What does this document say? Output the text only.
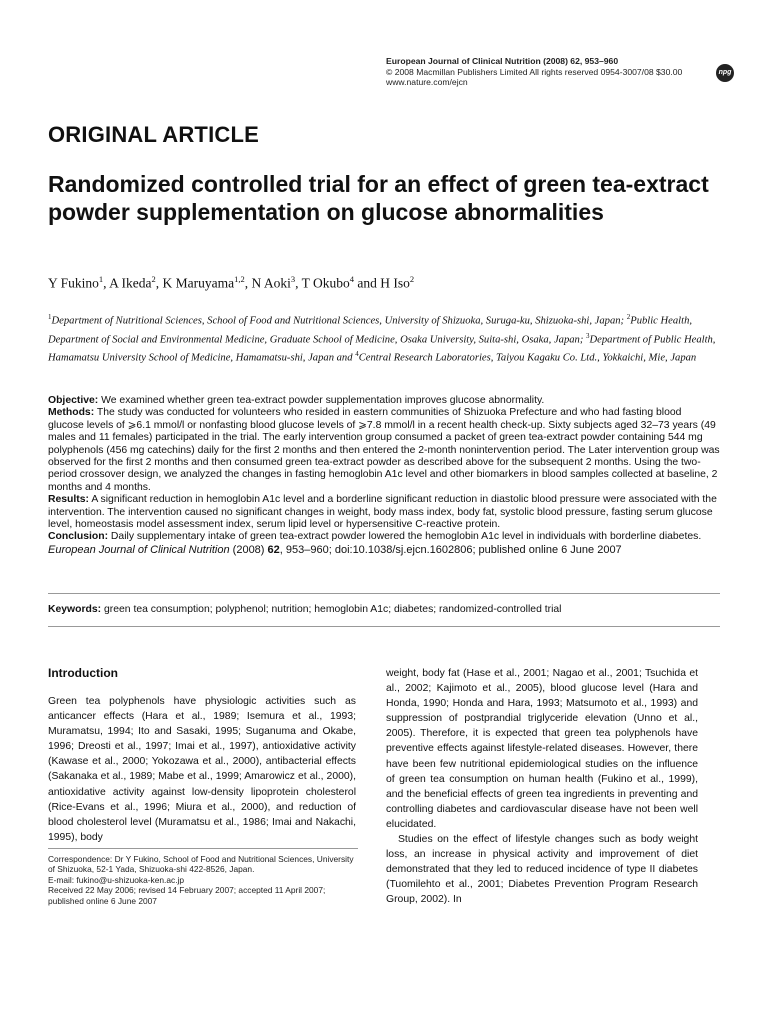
European Journal of Clinical Nutrition (2008) 62, 953–960
© 2008 Macmillan Publishers Limited All rights reserved 0954-3007/08 $30.00
www.nature.com/ejcn
npg
ORIGINAL ARTICLE
Randomized controlled trial for an effect of green tea-extract powder supplementation on glucose abnormalities
Y Fukino$^1$, A Ikeda$^2$, K Maruyama$^{1,2}$, N Aoki$^3$, T Okubo$^4$ and H Iso$^2$
$^1$Department of Nutritional Sciences, School of Food and Nutritional Sciences, University of Shizuoka, Suruga-ku, Shizuoka-shi, Japan; $^2$Public Health, Department of Social and Environmental Medicine, Graduate School of Medicine, Osaka University, Suita-shi, Osaka, Japan; $^3$Department of Public Health, Hamamatsu University School of Medicine, Hamamatsu-shi, Japan and $^4$Central Research Laboratories, Taiyou Kagaku Co. Ltd., Yokkaichi, Mie, Japan

Objective: We examined whether green tea-extract powder supplementation improves glucose abnormality.

Methods: The study was conducted for volunteers who resided in eastern communities of Shizuoka Prefecture and who had fasting blood glucose levels of ⩾6.1 mmol/l or nonfasting blood glucose levels of ⩾7.8 mmol/l in a recent health check-up. Sixty subjects aged 32–73 years (49 males and 11 females) participated in the trial. The early intervention group consumed a packet of green tea-extract powder containing 544 mg polyphenols (456 mg catechins) daily for the first 2 months and then entered the 2-month nonintervention period. The Later intervention group was observed for the first 2 months and then consumed green tea-extract powder as described above for the subsequent 2 months. Using the two-period crossover design, we analyzed the changes in fasting hemoglobin A1c level and other biomarkers in blood samples collected at baseline, 2 months and 4 months.

Results: A significant reduction in hemoglobin A1c level and a borderline significant reduction in diastolic blood pressure were associated with the intervention. The intervention caused no significant changes in weight, body mass index, body fat, systolic blood pressure, fasting serum glucose level, homeostasis model assessment index, serum lipid level or hypersensitive C-reactive protein.

Conclusion: Daily supplementary intake of green tea-extract powder lowered the hemoglobin A1c level in individuals with borderline diabetes.

European Journal of Clinical Nutrition (2008) 62, 953–960; doi:10.1038/sj.ejcn.1602806; published online 6 June 2007

Keywords: green tea consumption; polyphenol; nutrition; hemoglobin A1c; diabetes; randomized-controlled trial
Introduction

Green tea polyphenols have physiologic activities such as anticancer effects (Hara et al., 1989; Isemura et al., 1993; Muramatsu, 1994; Ito and Sasaki, 1995; Suganuma and Okabe, 1996; Dreosti et al., 1997; Imai et al., 1997), antioxidative activity (Kawase et al., 2000; Yokozawa et al., 2000), antibacterial effects (Sakanaka et al., 1989; Mabe et al., 1999; Amarowicz et al., 2000), antioxidative activity against low-density lipoprotein cholesterol (Rice-Evans et al., 1996; Miura et al., 2000), and reduction of blood cholesterol level (Muramatsu et al., 1986; Imai and Nakachi, 1995), body

weight, body fat (Hase et al., 2001; Nagao et al., 2001; Tsuchida et al., 2002; Kajimoto et al., 2005), blood glucose level (Hara and Honda, 1990; Honda and Hara, 1993; Matsumoto et al., 1993) and suppression of postprandial triglyceride elevation (Unno et al., 2005). Therefore, it is expected that green tea polyphenols have preventive effects against lifestyle-related diseases. However, there have been few nutritional epidemiological studies on the influence of green tea consumption on human health (Fukino et al., 1999), and the beneficial effects of green tea ingredients in preventing and controlling diabetes and cardiovascular disease have not been well elucidated.

Studies on the effect of lifestyle changes such as body weight loss, an increase in physical activity and improvement of diet demonstrated that they led to reduced incidence of type II diabetes (Tuomilehto et al., 2001; Diabetes Prevention Program Research Group, 2002). In

Correspondence: Dr Y Fukino, School of Food and Nutritional Sciences, University of Shizuoka, 52-1 Yada, Shizuoka-shi 422-8526, Japan.
E-mail: fukino@u-shizuoka-ken.ac.jp
Received 22 May 2006; revised 14 February 2007; accepted 11 April 2007; published online 6 June 2007
